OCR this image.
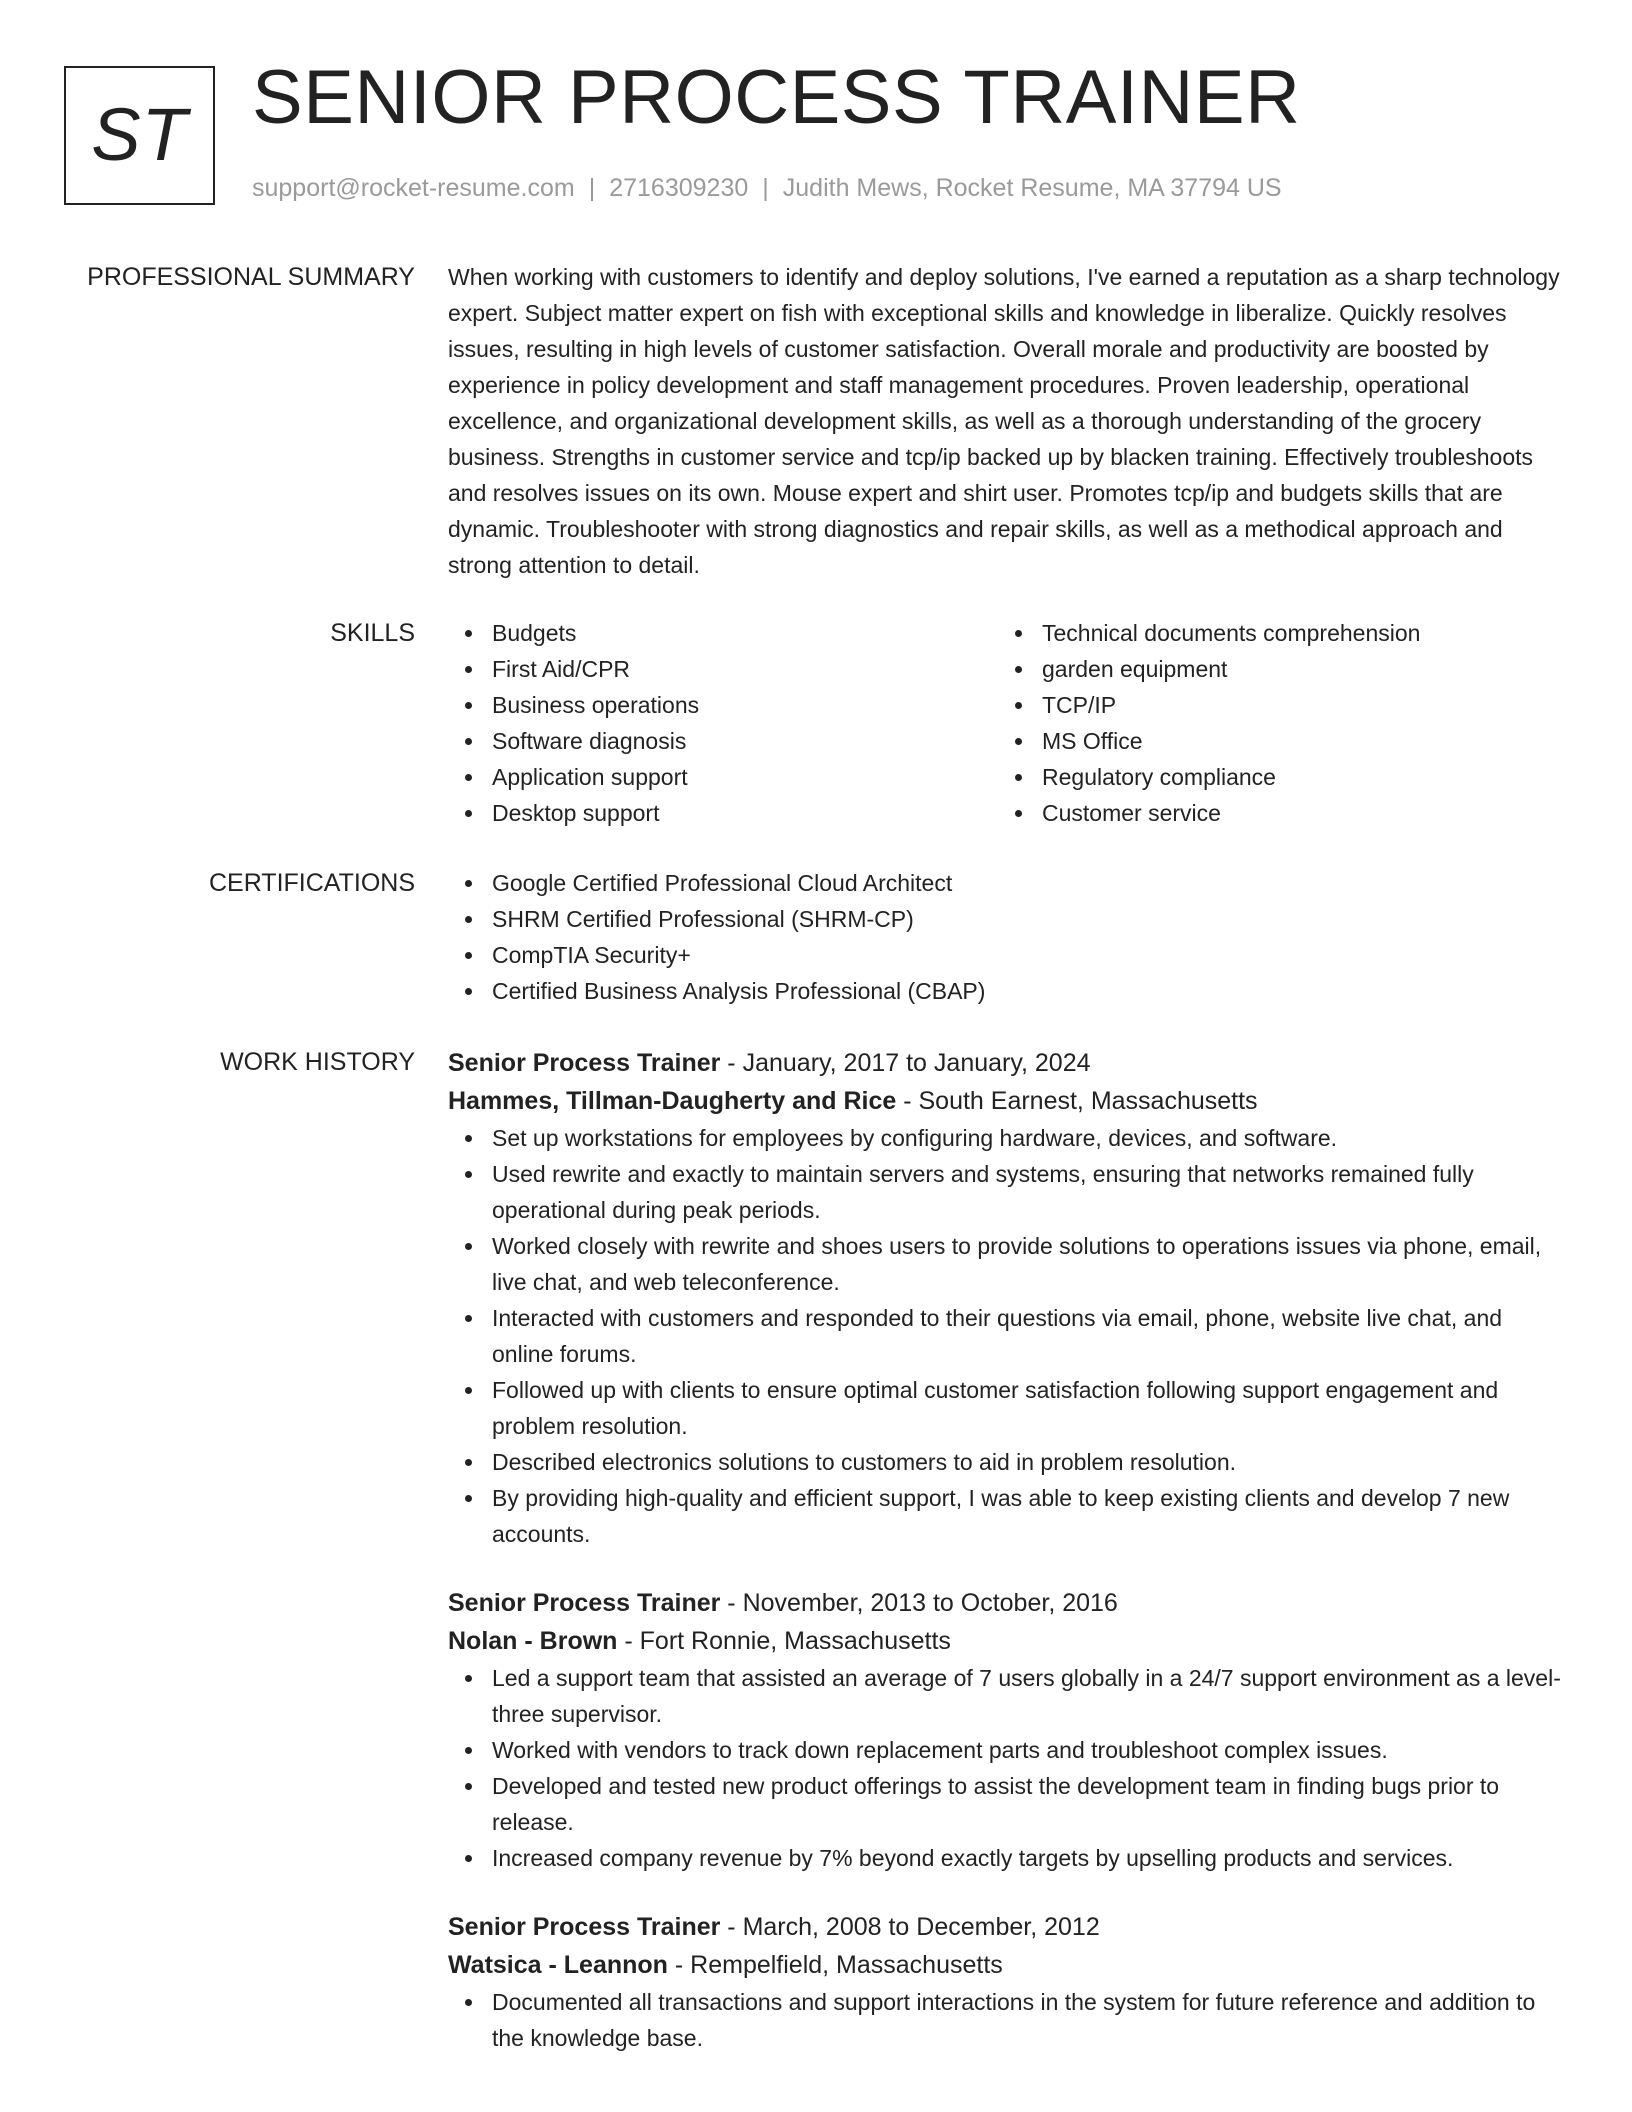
ST SENIOR PROCESS TRAINER
support@rocket-resume.com | 2716309230 | Judith Mews, Rocket Resume, MA 37794 US
PROFESSIONAL SUMMARY When working with customers to identify and deploy solutions, I've earned a reputation as a sharp technology expert. Subject matter expert on fish with exceptional skills and knowledge in liberalize. Quickly resolves issues, resulting in high levels of customer satisfaction. Overall morale and productivity are boosted by experience in policy development and staff management procedures. Proven leadership, operational excellence, and organizational development skills, as well as a thorough understanding of the grocery business. Strengths in customer service and tcp/ip backed up by blacken training. Effectively troubleshoots and resolves issues on its own. Mouse expert and shirt user. Promotes tcp/ip and budgets skills that are dynamic. Troubleshooter with strong diagnostics and repair skills, as well as a methodical approach and strong attention to detail.

SKILLS	Budgets
First Aid/CPR
Business operations
Software diagnosis
Application support
Desktop support
Technical documents comprehension
garden equipment
TCP/IP
MS Office
Regulatory compliance
Customer service
CERTIFICATIONS	Google Certified Professional Cloud Architect
SHRM Certified Professional (SHRM-CP)
CompTIA Security+
Certified Business Analysis Professional (CBAP)
WORK HISTORY Senior Process Trainer - January, 2017 to January, 2024
Hammes, Tillman-Daugherty and Rice - South Earnest, Massachusetts
Set up workstations for employees by configuring hardware, devices, and software.
Used rewrite and exactly to maintain servers and systems, ensuring that networks remained fully operational during peak periods.
Worked closely with rewrite and shoes users to provide solutions to operations issues via phone, email, live chat, and web teleconference.
Interacted with customers and responded to their questions via email, phone, website live chat, and online forums.
Followed up with clients to ensure optimal customer satisfaction following support engagement and problem resolution.
Described electronics solutions to customers to aid in problem resolution.
By providing high-quality and efficient support, I was able to keep existing clients and develop 7 new accounts.
Senior Process Trainer - November, 2013 to October, 2016
Nolan - Brown - Fort Ronnie, Massachusetts
Led a support team that assisted an average of 7 users globally in a 24/7 support environment as a level-three supervisor.
Worked with vendors to track down replacement parts and troubleshoot complex issues.
Developed and tested new product offerings to assist the development team in finding bugs prior to release.
Increased company revenue by 7% beyond exactly targets by upselling products and services.
Senior Process Trainer - March, 2008 to December, 2012
Watsica - Leannon - Rempelfield, Massachusetts
Documented all transactions and support interactions in the system for future reference and addition to the knowledge base.
